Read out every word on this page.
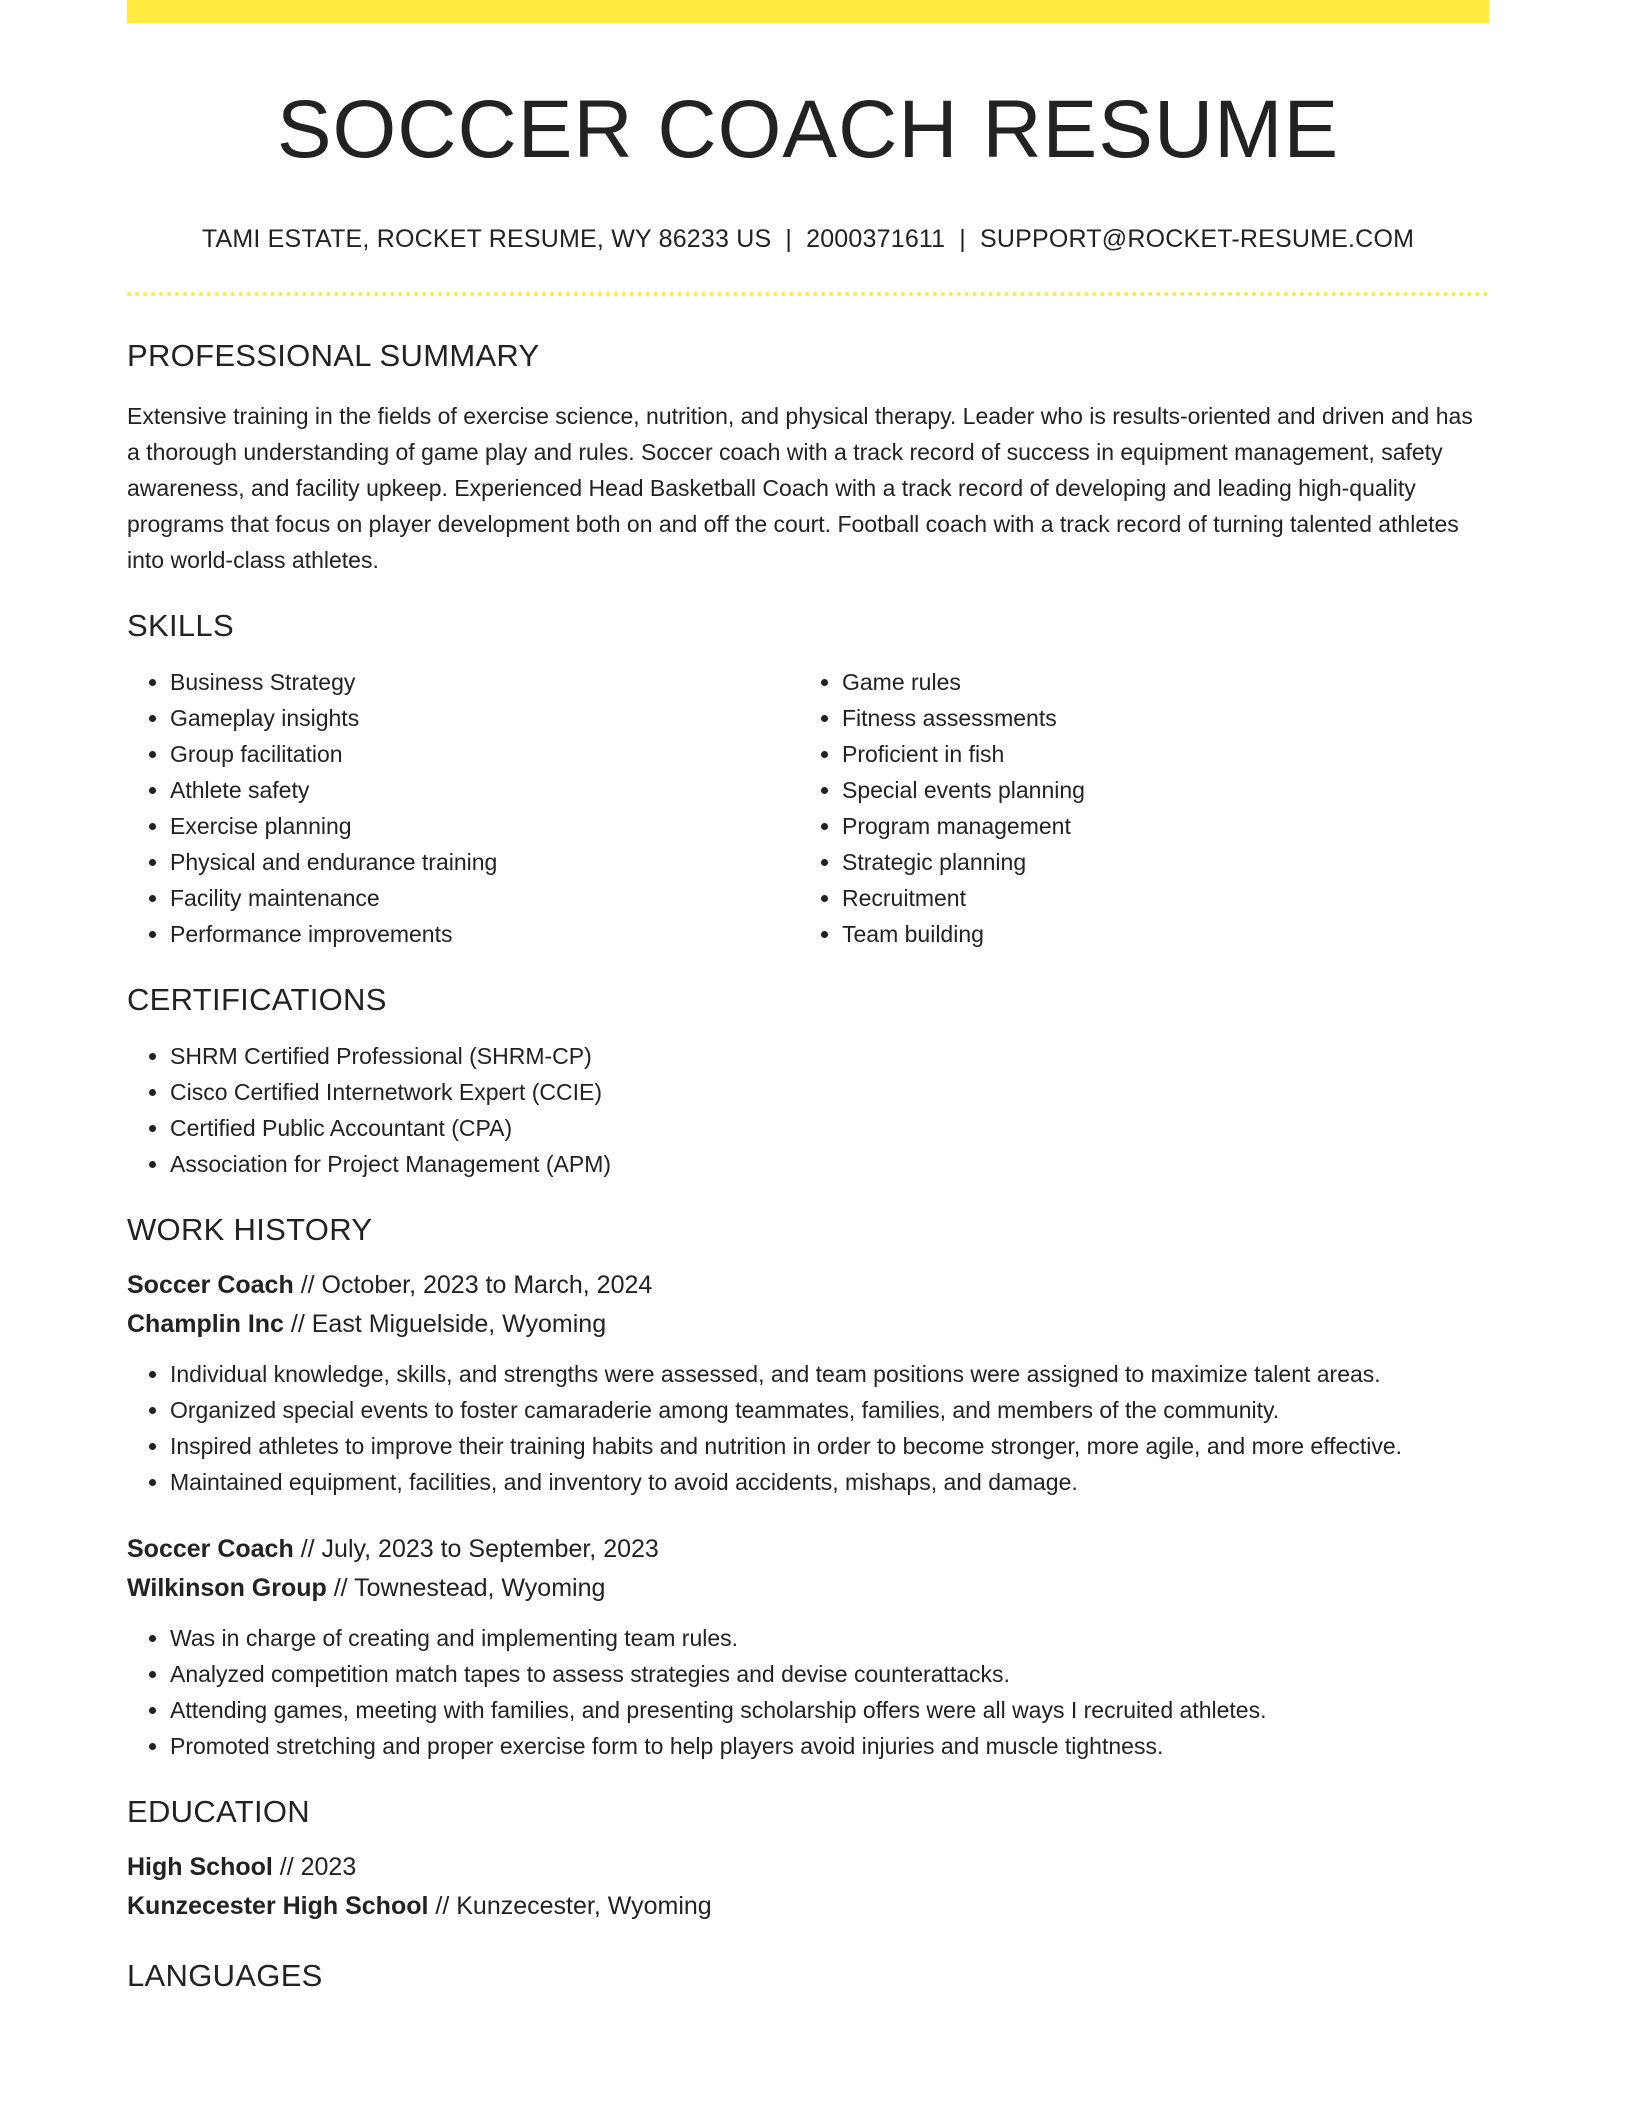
SOCCER COACH RESUME
TAMI ESTATE, ROCKET RESUME, WY 86233 US | 2000371611 | SUPPORT@ROCKET-RESUME.COM
PROFESSIONAL SUMMARY
Extensive training in the fields of exercise science, nutrition, and physical therapy. Leader who is results-oriented and driven and has a thorough understanding of game play and rules. Soccer coach with a track record of success in equipment management, safety awareness, and facility upkeep. Experienced Head Basketball Coach with a track record of developing and leading high-quality programs that focus on player development both on and off the court. Football coach with a track record of turning talented athletes into world-class athletes.
SKILLS
• Business Strategy
• Gameplay insights
• Group facilitation
• Athlete safety
• Exercise planning
• Physical and endurance training
• Facility maintenance
• Performance improvements
• Game rules
• Fitness assessments
• Proficient in fish
• Special events planning
• Program management
• Strategic planning
• Recruitment
• Team building
CERTIFICATIONS
• SHRM Certified Professional (SHRM-CP)
• Cisco Certified Internetwork Expert (CCIE)
• Certified Public Accountant (CPA)
• Association for Project Management (APM)
WORK HISTORY
Soccer Coach // October, 2023 to March, 2024
Champlin Inc // East Miguelside, Wyoming
• Individual knowledge, skills, and strengths were assessed, and team positions were assigned to maximize talent areas.
• Organized special events to foster camaraderie among teammates, families, and members of the community.
• Inspired athletes to improve their training habits and nutrition in order to become stronger, more agile, and more effective.
• Maintained equipment, facilities, and inventory to avoid accidents, mishaps, and damage.
Soccer Coach // July, 2023 to September, 2023
Wilkinson Group // Townestead, Wyoming
• Was in charge of creating and implementing team rules.
• Analyzed competition match tapes to assess strategies and devise counterattacks.
• Attending games, meeting with families, and presenting scholarship offers were all ways I recruited athletes.
• Promoted stretching and proper exercise form to help players avoid injuries and muscle tightness.
EDUCATION
High School // 2023
Kunzecester High School // Kunzecester, Wyoming
LANGUAGES
